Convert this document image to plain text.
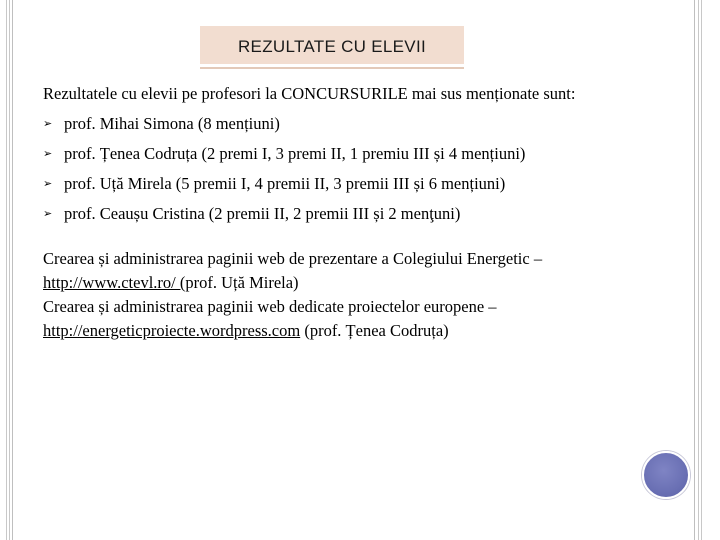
REZULTATE CU ELEVII

Rezultatele cu elevii pe profesori la CONCURSURILE mai sus menționate sunt:

➢ prof. Mihai Simona (8 mențiuni)
➢ prof. Țenea Codruța (2 premi I, 3 premi II, 1 premiu III și 4 mențiuni)
➢ prof. Uță Mirela (5 premii I, 4 premii II, 3 premii III și 6 mențiuni)
➢ prof. Ceaușu Cristina (2 premii II, 2 premii III și 2 menţuni)

Crearea și administrarea paginii web de prezentare a Colegiului Energetic – http://www.ctevl.ro/ (prof. Uță Mirela)

Crearea și administrarea paginii web dedicate proiectelor europene – http://energeticproiecte.wordpress.com (prof. Țenea Codruța)
